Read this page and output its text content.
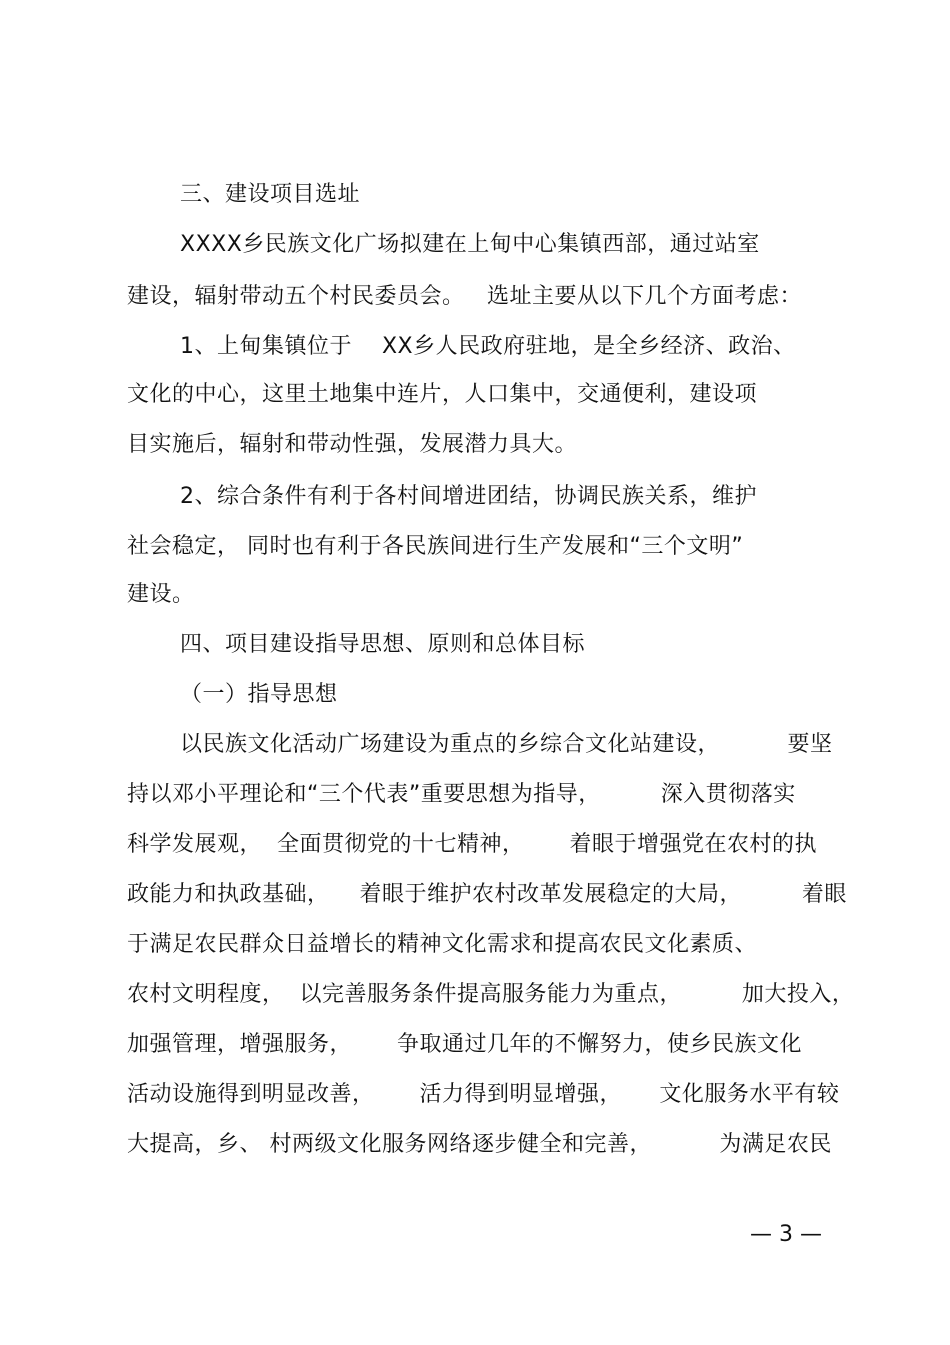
三、建设项目选址
XXXX乡民族文化广场拟建在上甸中心集镇西部，通过站室
建设，辐射带动五个村民委员会。   选址主要从以下几个方面考虑：
1、上甸集镇位于    XX乡人民政府驻地，是全乡经济、政治、
文化的中心，这里土地集中连片，人口集中，交通便利，建设项
目实施后，辐射和带动性强，发展潜力具大。
2、综合条件有利于各村间增进团结，协调民族关系，维护
社会稳定， 同时也有利于各民族间进行生产发展和“三个文明”
建设。
四、项目建设指导思想、原则和总体目标
（一）指导思想
以民族文化活动广场建设为重点的乡综合文化站建设，         要坚
持以邓小平理论和“三个代表”重要思想为指导，        深入贯彻落实
科学发展观，  全面贯彻党的十七精神，      着眼于增强党在农村的执
政能力和执政基础，    着眼于维护农村改革发展稳定的大局，        着眼
于满足农民群众日益增长的精神文化需求和提高农民文化素质、
农村文明程度，  以完善服务条件提高服务能力为重点，        加大投入，
加强管理，增强服务，      争取通过几年的不懈努力，使乡民族文化
活动设施得到明显改善，      活力得到明显增强，     文化服务水平有较
大提高，乡、 村两级文化服务网络逐步健全和完善，         为满足农民
— 3 —
